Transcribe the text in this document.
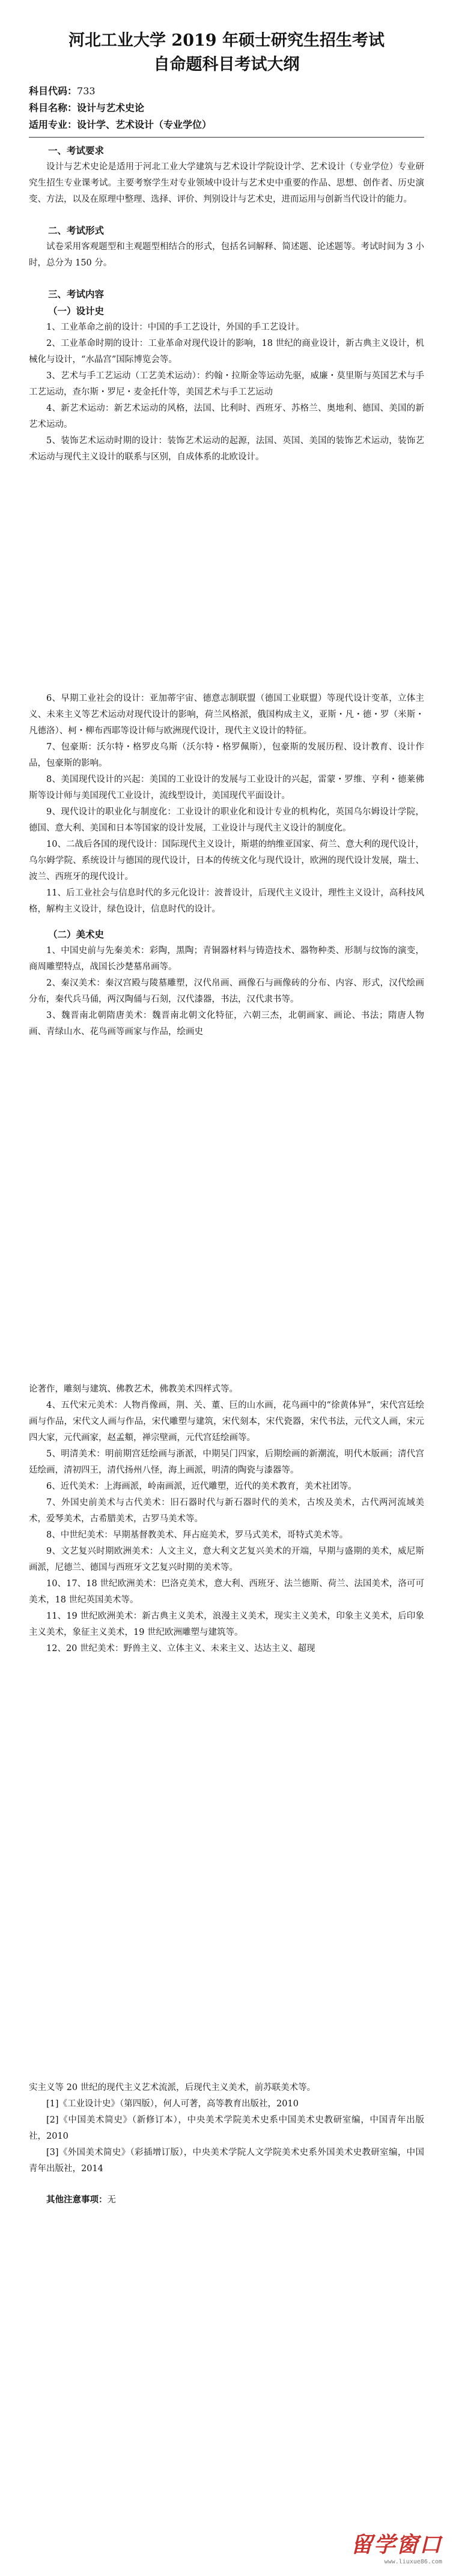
河北工业大学 2019 年硕士研究生招生考试

自命题科目考试大纲

科目代码：733
科目名称：设计与艺术史论
适用专业：设计学、艺术设计（专业学位）

一、考试要求

设计与艺术史论是适用于河北工业大学建筑与艺术设计学院设计学、艺术设计（专业学位）专业研究生招生专业课考试。主要考察学生对专业领域中设计与艺术史中重要的作品、思想、创作者、历史演变、方法，以及在原理中整理、选择、评价、判别设计与艺术史，进而运用与创新当代设计的能力。

二、考试形式

试卷采用客观题型和主观题型相结合的形式，包括名词解释、简述题、论述题等。考试时间为 3 小时，总分为 150 分。

三、考试内容

（一）设计史

1、工业革命之前的设计：中国的手工艺设计，外国的手工艺设计。

2、工业革命时期的设计：工业革命对现代设计的影响，18 世纪的商业设计，新古典主义设计，机械化与设计，“水晶宫”国际博览会等。

3、艺术与手工艺运动（工艺美术运动）：约翰・拉斯金等运动先驱，威廉・莫里斯与英国艺术与手工艺运动，查尔斯・罗尼・麦金托什等，美国艺术与手工艺运动

4、新艺术运动：新艺术运动的风格，法国、比利时、西班牙、苏格兰、奥地利、德国、美国的新艺术运动。

5、装饰艺术运动时期的设计：装饰艺术运动的起源，法国、英国、美国的装饰艺术运动，装饰艺术运动与现代主义设计的联系与区别，自成体系的北欧设计。

6、早期工业社会的设计：亚加蒂宇宙、德意志制联盟（德国工业联盟）等现代设计变革，立体主义、未来主义等艺术运动对现代设计的影响，荷兰风格派，俄国构成主义，亚斯・凡・德・罗（米斯・凡德洛）、柯・柳布西耶等设计师与欧洲现代设计，现代主义设计的特征。

7、包豪斯：沃尔特・格罗皮乌斯（沃尔特・格罗佩斯），包豪斯的发展历程、设计教育、设计作品，包豪斯的影响。

8、美国现代设计的兴起：美国的工业设计的发展与工业设计的兴起，雷蒙・罗维、亨利・德莱佛斯等设计师与美国现代工业设计，流线型设计，美国现代平面设计。

9、现代设计的职业化与制度化：工业设计的职业化和设计专业的机构化，英国乌尔姆设计学院，德国、意大利、美国和日本等国家的设计发展，工业设计与现代主义设计的制度化。

10、二战后各国的现代设计：国际现代主义设计，斯堪的纳维亚国家、荷兰、意大利的现代设计，乌尔姆学院、系统设计与德国的现代设计，日本的传统文化与现代设计，欧洲的现代设计发展，瑞士、波兰、西班牙的现代设计。

11、后工业社会与信息时代的多元化设计：波普设计，后现代主义设计，理性主义设计，高科技风格，解构主义设计，绿色设计，信息时代的设计。

（二）美术史

1、中国史前与先秦美术：彩陶，黑陶；青铜器材料与铸造技术、器物种类、形制与纹饰的演变，商周雕塑特点，战国长沙楚墓帛画等。

2、秦汉美术：秦汉宫殿与陵墓雕塑，汉代帛画、画像石与画像砖的分布、内容、形式，汉代绘画分布，秦代兵马俑，两汉陶俑与石刻，汉代漆器，书法，汉代隶书等。

3、魏晋南北朝隋唐美术：魏晋南北朝文化特征，六朝三杰，北朝画家、画论、书法；隋唐人物画、青绿山水、花鸟画等画家与作品，绘画史

论著作，雕刻与建筑、佛教艺术，佛教美术四样式等。

4、五代宋元美术：人物肖像画，荆、关、董、巨的山水画，花鸟画中的“徐黄体异”，宋代宫廷绘画与作品，宋代文人画与作品，宋代雕塑与建筑，宋代刻本，宋代瓷器，宋代书法，元代文人画，宋元四大家，元代画家，赵孟頫，禅宗壁画，元代宫廷绘画等。

5、明清美术：明前期宫廷绘画与浙派，中期吴门四家，后期绘画的新潮流，明代木版画；清代宫廷绘画，清初四王，清代扬州八怪，海上画派，明清的陶瓷与漆器等。

6、近代美术：上海画派，岭南画派，近代雕塑，近代的美术教育，美术社团等。

7、外国史前美术与古代美术：旧石器时代与新石器时代的美术，古埃及美术，古代两河流域美术，爱琴美术，古希腊美术，古罗马美术等。

8、中世纪美术：早期基督教美术、拜占庭美术，罗马式美术，哥特式美术等。

9、文艺复兴时期欧洲美术：人文主义，意大利文艺复兴美术的开端，早期与盛期的美术，威尼斯画派，尼德兰、德国与西班牙文艺复兴时期的美术等。

10、17、18 世纪欧洲美术：巴洛克美术，意大利、西班牙、法兰德斯、荷兰、法国美术，洛可可美术，18 世纪英国美术等。

11、19 世纪欧洲美术：新古典主义美术，浪漫主义美术，现实主义美术，印象主义美术，后印象主义美术，象征主义美术，19 世纪欧洲雕塑与建筑等。

12、20 世纪美术：野兽主义、立体主义、未来主义、达达主义、超现

实主义等 20 世纪的现代主义艺术流派，后现代主义美术，前苏联美术等。

[1]《工业设计史》（第四版），何人可著，高等教育出版社，2010

[2]《中国美术简史》（新修订本），中央美术学院美术史系中国美术史教研室编，中国青年出版社，2010

[3]《外国美术简史》（彩插增订版），中央美术学院人文学院美术史系外国美术史教研室编，中国青年出版社，2014

其他注意事项：无
留学窗口
www.liuxue86.com
